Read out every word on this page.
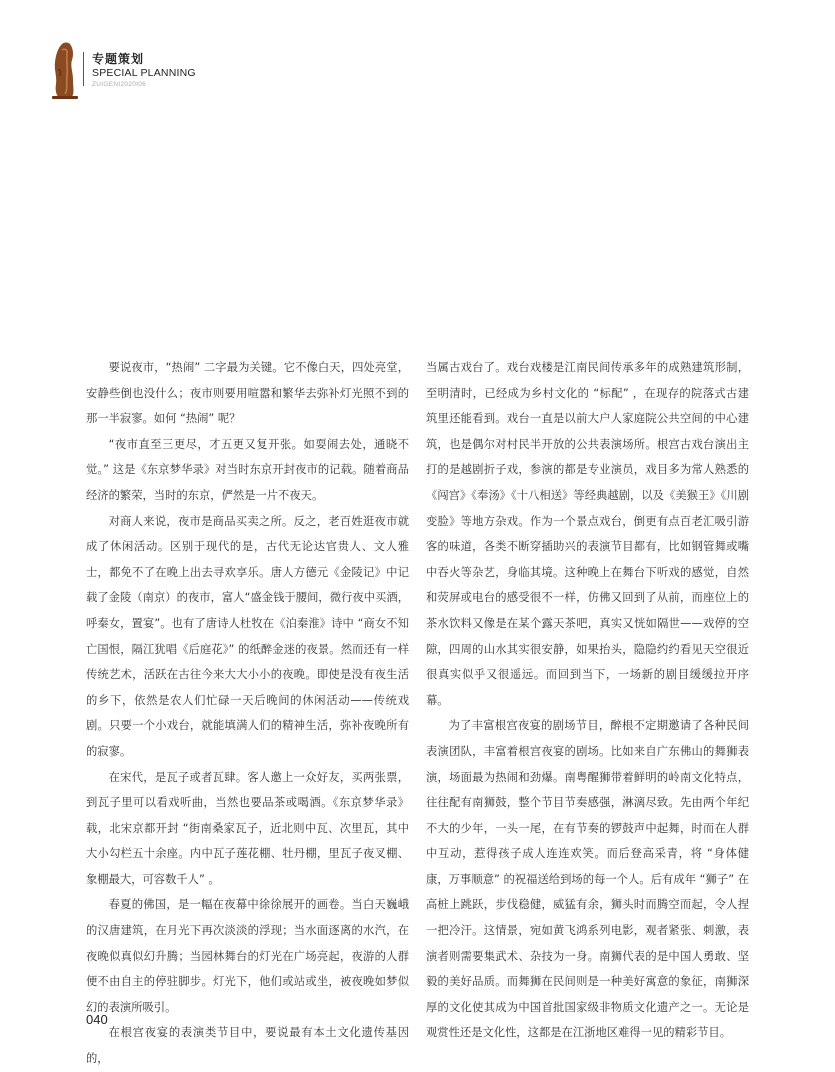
专题策划
SPECIAL PLANNING
ZUIGENI2020I06

要说夜市，“热闹” 二字最为关键。它不像白天，四处亮堂，安静些倒也没什么；夜市则要用喧嚣和繁华去弥补灯光照不到的那一半寂寥。如何 “热闹” 呢？

“夜市直至三更尽，才五更又复开张。如耍闹去处，通晓不觉。” 这是《东京梦华录》对当时东京开封夜市的记载。随着商品经济的繁荣，当时的东京，俨然是一片不夜天。

对商人来说，夜市是商品买卖之所。反之，老百姓逛夜市就成了休闲活动。区别于现代的是，古代无论达官贵人、文人雅士，都免不了在晚上出去寻欢享乐。唐人方德元《金陵记》中记载了金陵（南京）的夜市，富人“盛金钱于腰间，微行夜中买酒，呼秦女，置宴”。也有了唐诗人杜牧在《泊秦淮》诗中 “商女不知亡国恨，隔江犹唱《后庭花》” 的纸醉金迷的夜景。然而还有一样传统艺术，活跃在古往今来大大小小的夜晚。即使是没有夜生活的乡下，依然是农人们忙碌一天后晚间的休闲活动——传统戏剧。只要一个小戏台，就能填满人们的精神生活，弥补夜晚所有的寂寥。

在宋代，是瓦子或者瓦肆。客人邀上一众好友，买两张票，到瓦子里可以看戏听曲，当然也要品茶或喝酒。《东京梦华录》载，北宋京都开封 “街南桑家瓦子，近北则中瓦、次里瓦，其中大小勾栏五十余座。内中瓦子莲花棚、牡丹棚，里瓦子夜叉棚、象棚最大，可容数千人” 。

春夏的佛国，是一幅在夜幕中徐徐展开的画卷。当白天巍峨的汉唐建筑，在月光下再次淡淡的浮现；当水面逐离的水汽，在夜晚似真似幻升腾；当园林舞台的灯光在广场亮起，夜游的人群便不由自主的停驻脚步。灯光下，他们或站或坐，被夜晚如梦似幻的表演所吸引。

在根宫夜宴的表演类节目中，要说最有本土文化遗传基因的，

当属古戏台了。戏台戏楼是江南民间传承多年的成熟建筑形制，至明清时，已经成为乡村文化的 “标配” ，在现存的院落式古建筑里还能看到。戏台一直是以前大户人家庭院公共空间的中心建筑，也是偶尔对村民半开放的公共表演场所。根宫古戏台演出主打的是越剧折子戏，参演的都是专业演员，戏目多为常人熟悉的《闯宫》《奉汤》《十八相送》等经典越剧，以及《美猴王》《川剧变脸》等地方杂戏。作为一个景点戏台，倒更有点百老汇吸引游客的味道，各类不断穿插助兴的表演节目都有，比如钢管舞或嘴中吞火等杂艺，身临其境。这种晚上在舞台下听戏的感觉，自然和荧屏或电台的感受很不一样，仿佛又回到了从前，而座位上的茶水饮料又像是在某个露天茶吧，真实又恍如隔世——戏停的空隙，四周的山水其实很安静，如果抬头，隐隐约约看见天空很近很真实似乎又很遥远。而回到当下，一场新的剧目缓缓拉开序幕。

为了丰富根宫夜宴的剧场节目，醉根不定期邀请了各种民间表演团队，丰富着根宫夜宴的剧场。比如来自广东佛山的舞狮表演，场面最为热闹和劲爆。南粤醒狮带着鲜明的岭南文化特点，往往配有南狮鼓，整个节目节奏感强，淋漓尽致。先由两个年纪不大的少年，一头一尾，在有节奏的锣鼓声中起舞，时而在人群中互动，惹得孩子成人连连欢笑。而后登高采青，将 “身体健康，万事顺意” 的祝福送给到场的每一个人。后有成年 “狮子” 在高桩上跳跃，步伐稳健，威猛有余，狮头时而腾空而起，令人捏一把冷汗。这情景，宛如黄飞鸿系列电影，观者紧张、刺激，表演者则需要集武术、杂技为一身。南狮代表的是中国人勇敢、坚毅的美好品质。而舞狮在民间则是一种美好寓意的象征，南狮深厚的文化使其成为中国首批国家级非物质文化遗产之一。无论是观赏性还是文化性，这都是在江浙地区难得一见的精彩节目。

040
